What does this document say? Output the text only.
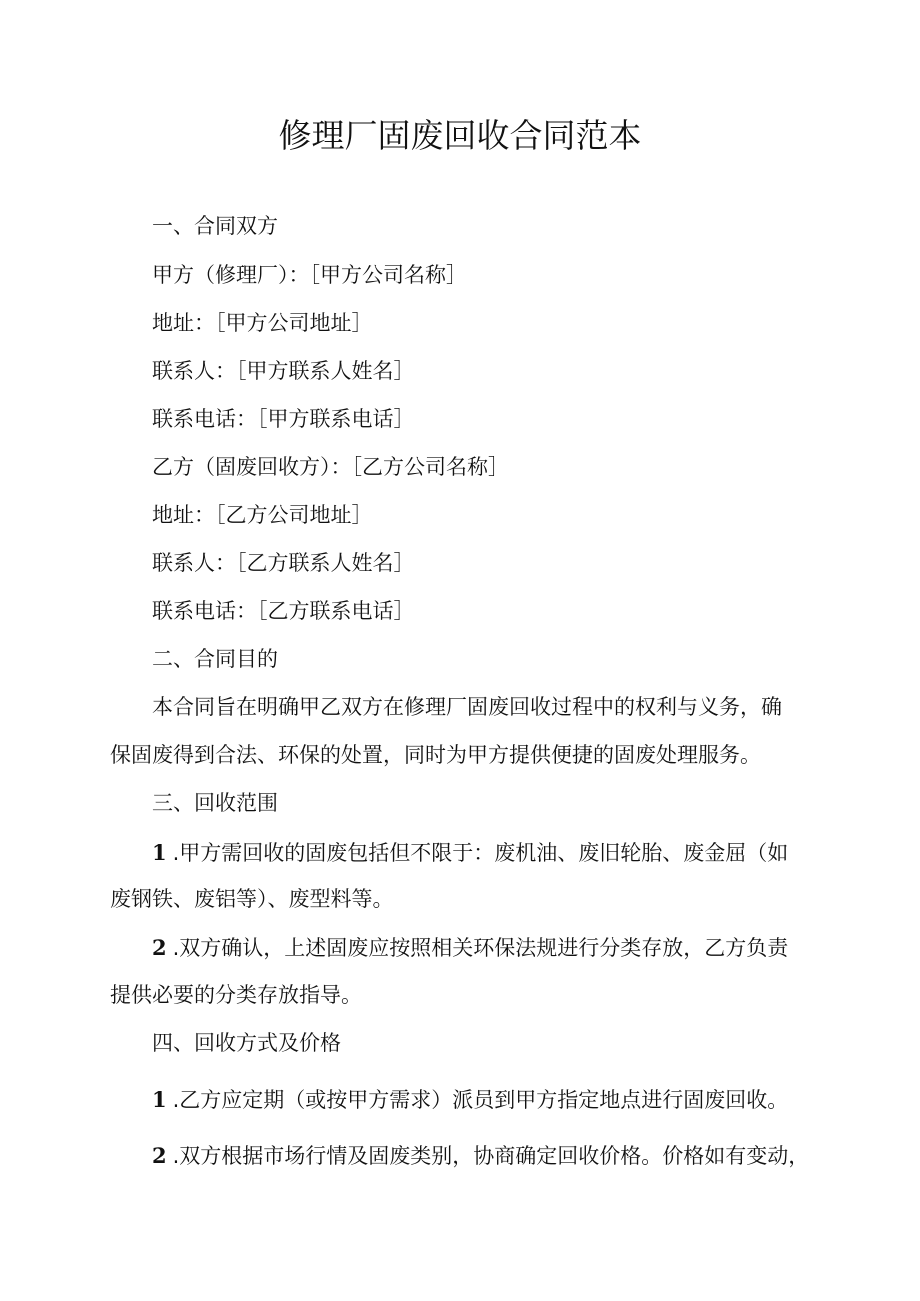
修理厂固废回收合同范本

一、合同双方

甲方（修理厂）：［甲方公司名称］

地址：［甲方公司地址］

联系人：［甲方联系人姓名］

联系电话：［甲方联系电话］

乙方（固废回收方）：［乙方公司名称］

地址：［乙方公司地址］

联系人：［乙方联系人姓名］

联系电话：［乙方联系电话］

二、合同目的

本合同旨在明确甲乙双方在修理厂固废回收过程中的权利与义务，确

保固废得到合法、环保的处置，同时为甲方提供便捷的固废处理服务。

三、回收范围

1 .甲方需回收的固废包括但不限于：废机油、废旧轮胎、废金屈（如

废钢铁、废铝等）、废型料等。

2 .双方确认，上述固废应按照相关环保法规进行分类存放，乙方负责

提供必要的分类存放指导。

四、回收方式及价格

1 .乙方应定期（或按甲方需求）派员到甲方指定地点进行固废回收。

2 .双方根据市场行情及固废类别，协商确定回收价格。价格如有变动，
